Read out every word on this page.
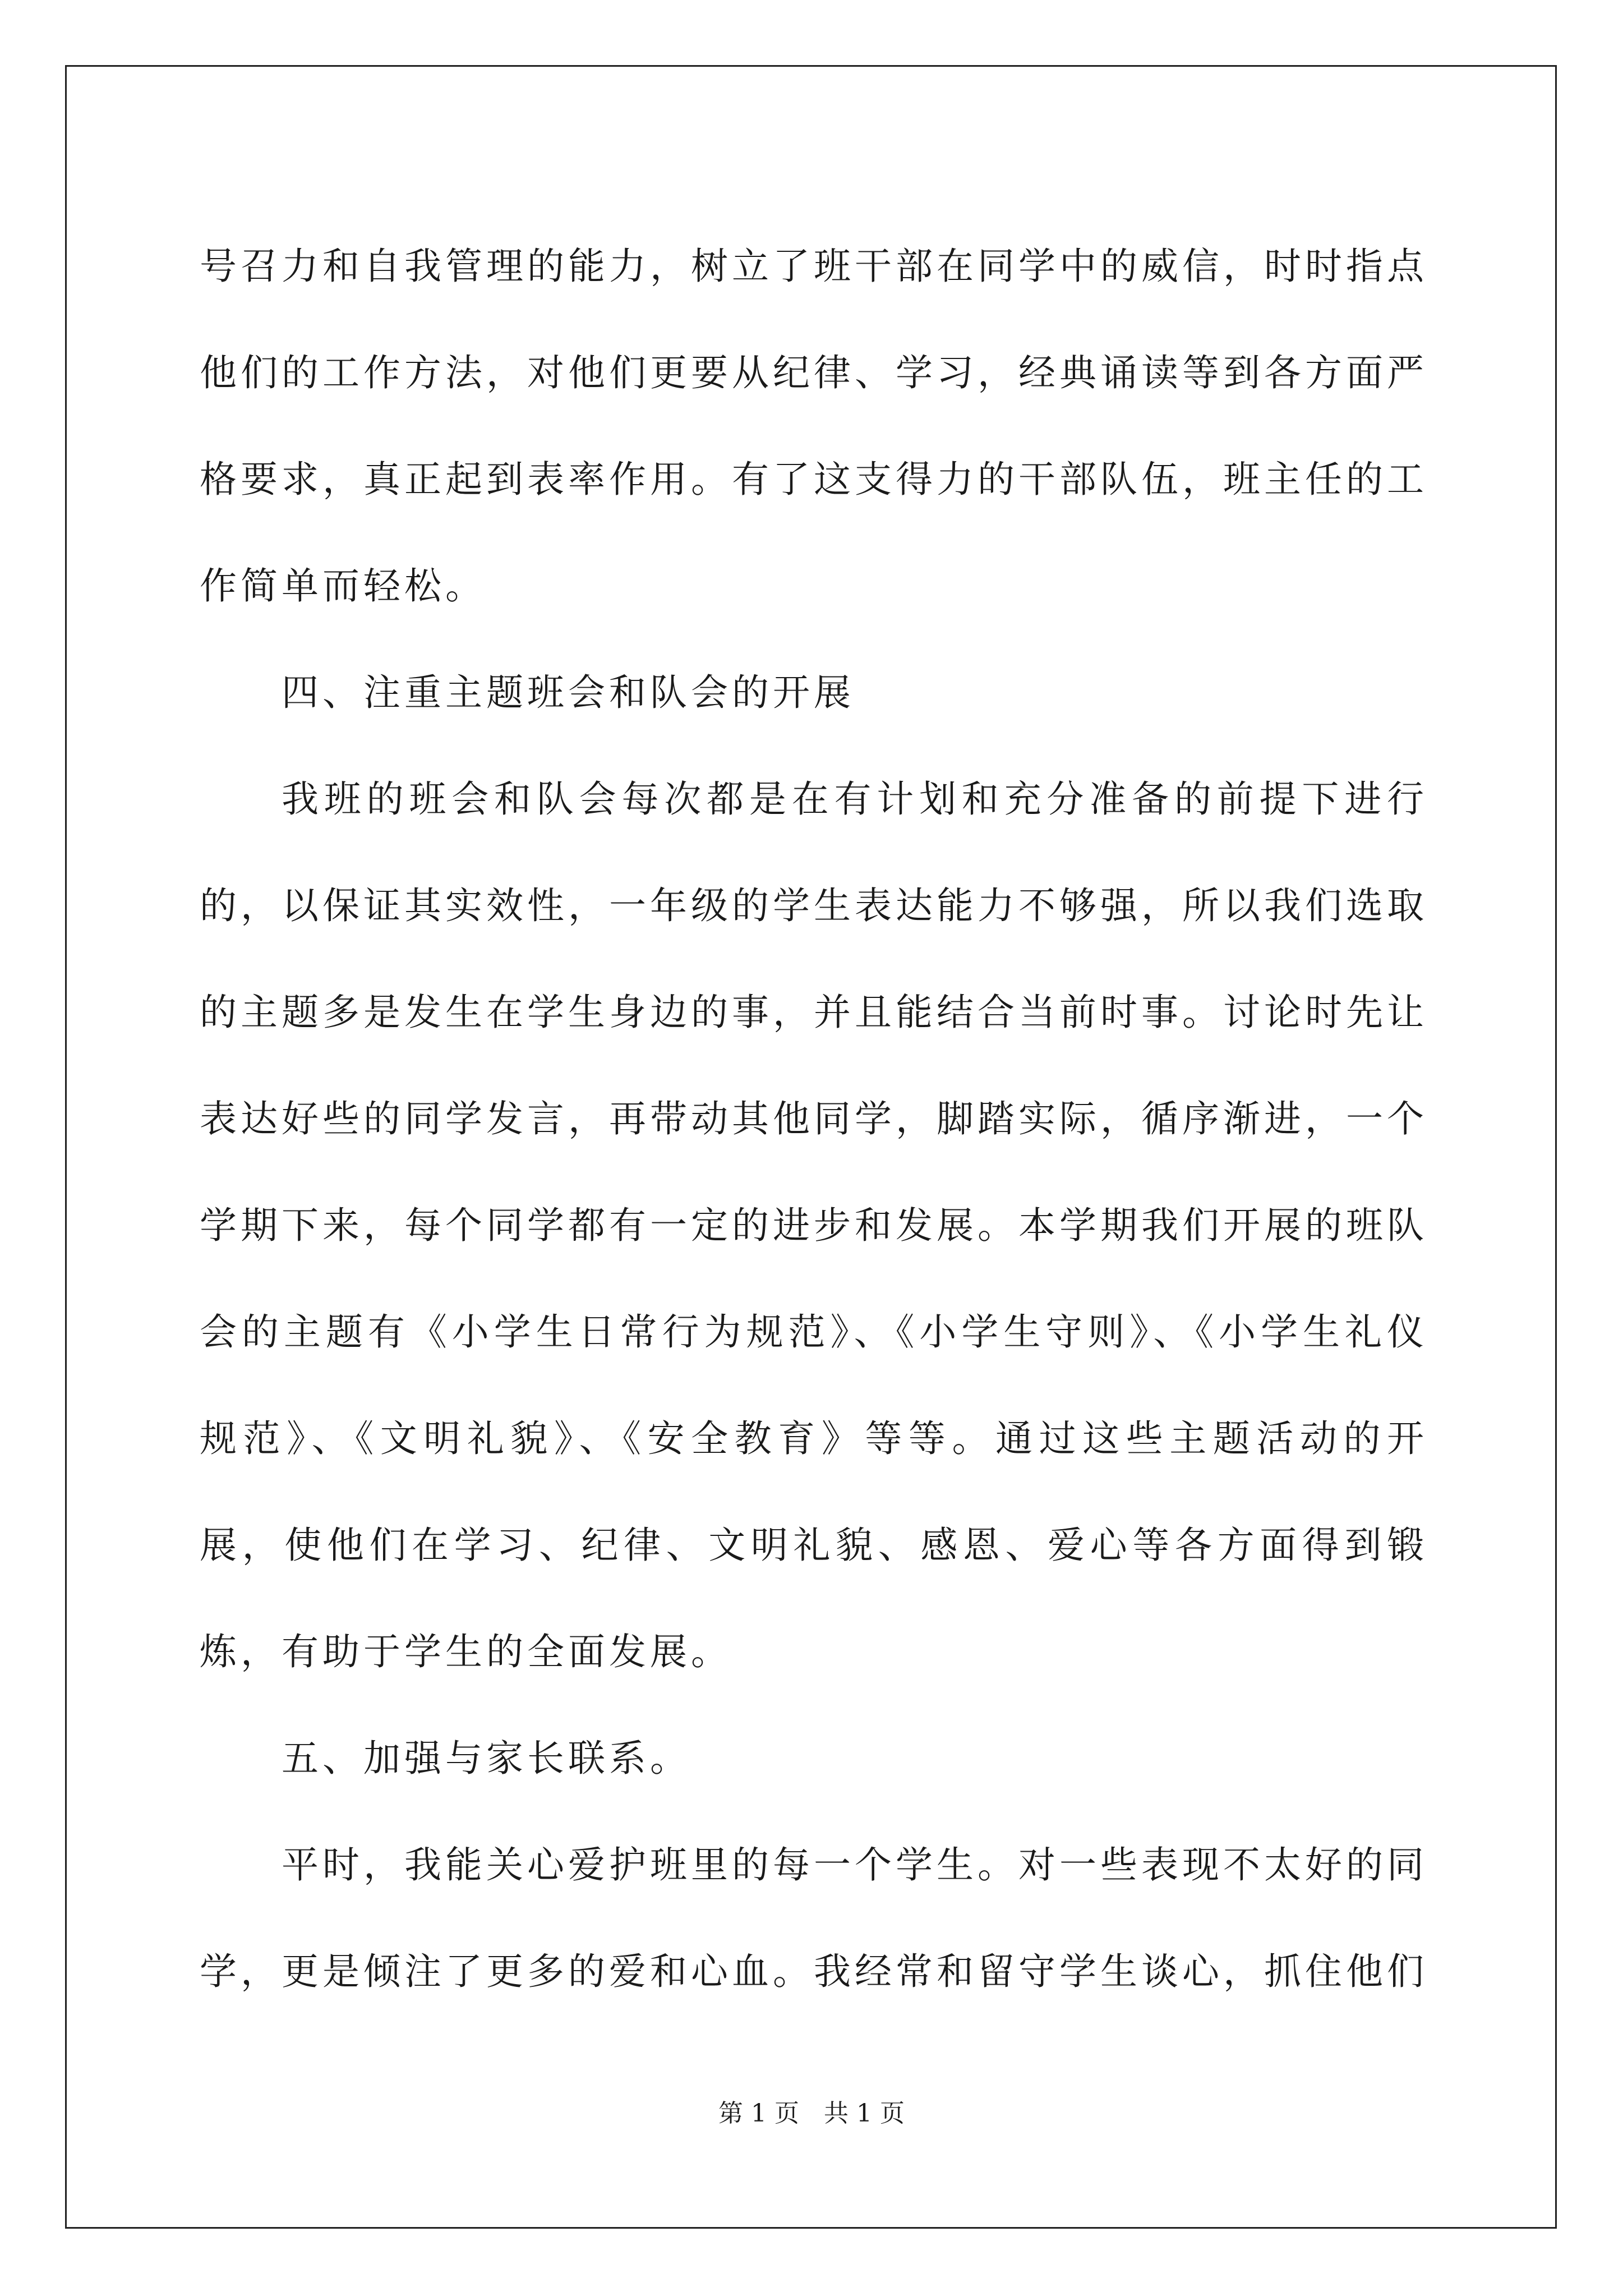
号召力和自我管理的能力，树立了班干部在同学中的威信，时时指点他们的工作方法，对他们更要从纪律、学习，经典诵读等到各方面严格要求，真正起到表率作用。有了这支得力的干部队伍，班主任的工作简单而轻松。

四、注重主题班会和队会的开展

我班的班会和队会每次都是在有计划和充分准备的前提下进行的，以保证其实效性，一年级的学生表达能力不够强，所以我们选取的主题多是发生在学生身边的事，并且能结合当前时事。讨论时先让表达好些的同学发言，再带动其他同学，脚踏实际，循序渐进，一个学期下来，每个同学都有一定的进步和发展。本学期我们开展的班队会的主题有《小学生日常行为规范》、《小学生守则》、《小学生礼仪规范》、《文明礼貌》、《安全教育》等等。通过这些主题活动的开展，使他们在学习、纪律、文明礼貌、感恩、爱心等各方面得到锻炼，有助于学生的全面发展。

五、加强与家长联系。

平时，我能关心爱护班里的每一个学生。对一些表现不太好的同学，更是倾注了更多的爱和心血。我经常和留守学生谈心，抓住他们

第 1 页　共 1 页
